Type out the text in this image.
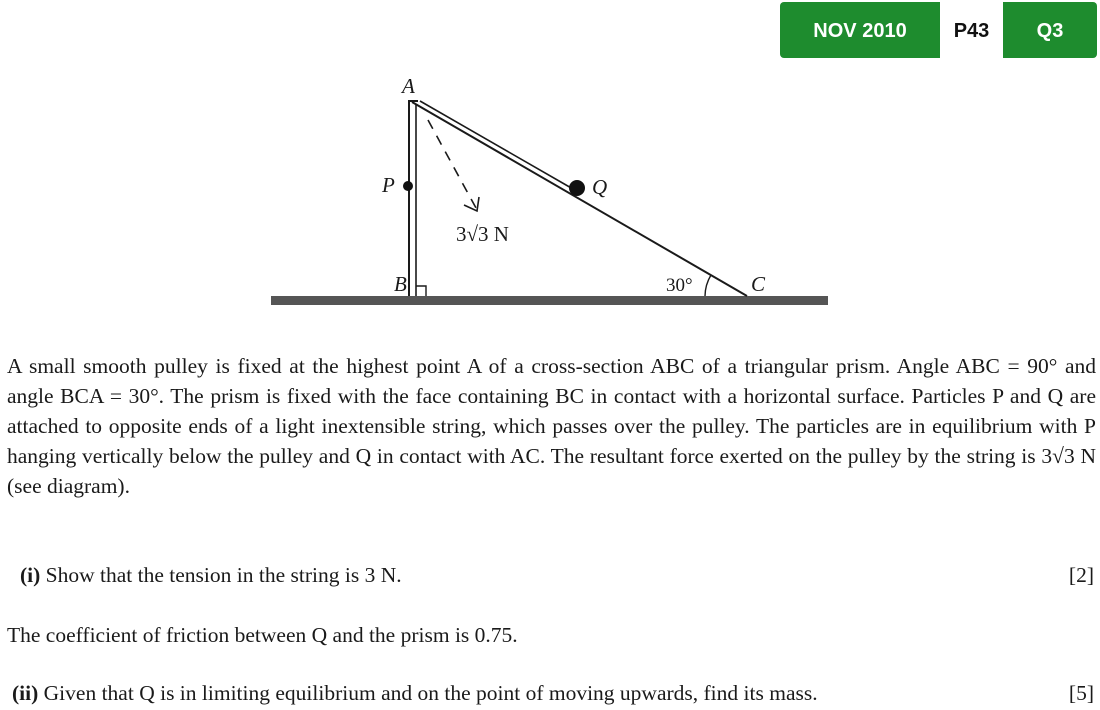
NOV 2010	P43	Q3
A
B	C
P	Q
30°
3√3 N
A small smooth pulley is fixed at the highest point A of a cross-section ABC of a triangular prism. Angle ABC = 90° and angle BCA = 30°. The prism is fixed with the face containing BC in contact with a horizontal surface. Particles P and Q are attached to opposite ends of a light inextensible string, which passes over the pulley. The particles are in equilibrium with P hanging vertically below the pulley and Q in contact with AC. The resultant force exerted on the pulley by the string is 3√3 N (see diagram).
(i) Show that the tension in the string is 3 N.	[2]
The coefficient of friction between Q and the prism is 0.75.
(ii) Given that Q is in limiting equilibrium and on the point of moving upwards, find its mass.	[5]
